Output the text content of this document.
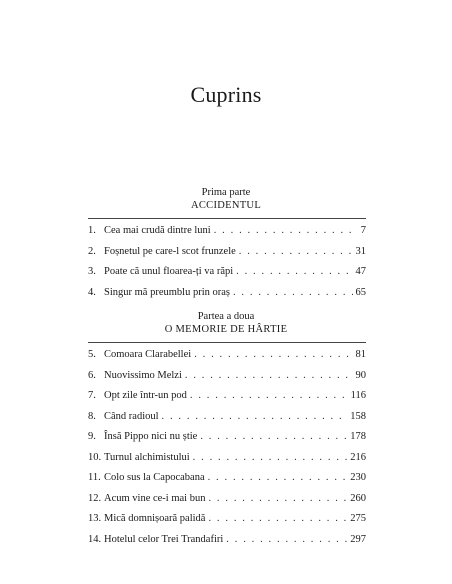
Cuprins
Prima parte
ACCIDENTUL
1. Cea mai crudă dintre luni . . .	7
2. Foșnetul pe care-l scot frunzele . . .	31
3. Poate că unul floarea-ți va răpi . . .	47
4. Singur mă preumblu prin oraș . . .	65
Partea a doua
O MEMORIE DE HÂRTIE
5. Comoara Clarabellei . . .	81
6. Nuovissimo Melzi . . .	90
7. Opt zile într-un pod . . .	116
8. Când radioul . . .	158
9. Însă Pippo nici nu știe . . .	178
10. Turnul alchimistului . . .	216
11. Colo sus la Capocabana . . .	230
12. Acum vine ce-i mai bun . . .	260
13. Mică domnișoară palidă . . .	275
14. Hotelul celor Trei Trandafiri . . .	297
